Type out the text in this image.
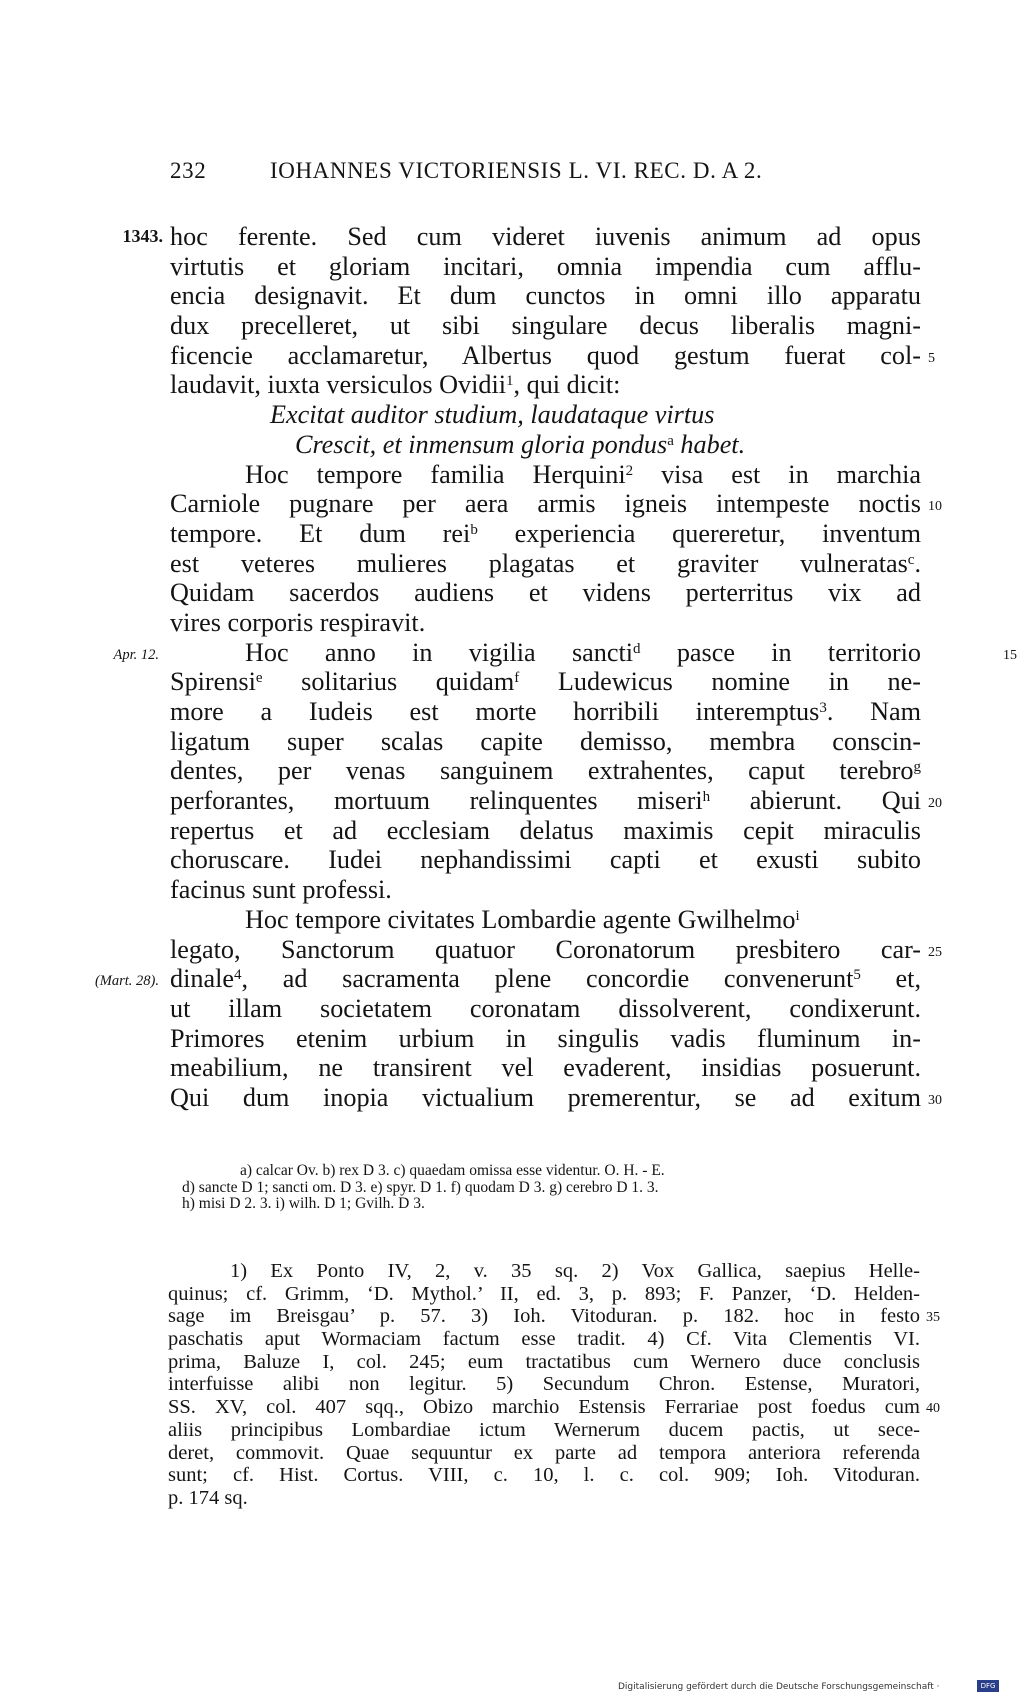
232	IOHANNES VICTORIENSIS L. VI. REC. D. A 2.
1343. hoc ferente. Sed cum videret iuvenis animum ad opus
virtutis et gloriam incitari, omnia impendia cum afflu-
encia designavit. Et dum cunctos in omni illo apparatu
dux precelleret, ut sibi singulare decus liberalis magni-
ficencie acclamaretur, Albertus quod gestum fuerat col- 5
laudavit, iuxta versiculos Ovidii$^1$, qui dicit:
Excitat auditor studium, laudataque virtus
Crescit, et inmensum gloria pondus$^a$ habet.
Hoc tempore familia Herquini$^2$ visa est in marchia
Carniole pugnare per aera armis igneis intempeste noctis 10
tempore. Et dum rei$^b$ experiencia quereretur, inventum
est veteres mulieres plagatas et graviter vulneratas$^c$.
Quidam sacerdos audiens et videns perterritus vix ad
vires corporis respiravit.
Apr. 12.	Hoc anno in vigilia sancti$^d$ pasce in territorio	15
Spirensi$^e$ solitarius quidam$^f$ Ludewicus nomine in ne-
more a Iudeis est morte horribili interemptus$^3$. Nam
ligatum super scalas capite demisso, membra conscin-
dentes, per venas sanguinem extrahentes, caput terebro$^g$
perforantes, mortuum relinquentes miseri$^h$ abierunt. Qui 20
repertus et ad ecclesiam delatus maximis cepit miraculis
choruscare. Iudei nephandissimi capti et exusti subito
facinus sunt professi.
Hoc tempore civitates Lombardie agente Gwilhelmo$^i$
legato, Sanctorum quatuor Coronatorum presbitero car- 25
(Mart. 28). dinale$^4$, ad sacramenta plene concordie convenerunt$^5$ et,
ut illam societatem coronatam dissolverent, condixerunt.
Primores etenim urbium in singulis vadis fluminum in-
meabilium, ne transirent vel evaderent, insidias posuerunt.
Qui dum inopia victualium premerentur, se ad exitum 30
a) calcar Ov. b) rex D 3. c) quaedam omissa esse videntur. O. H. - E.
d) sancte D 1; sancti om. D 3. e) spyr. D 1. f) quodam D 3. g) cerebro D 1. 3.
h) misi D 2. 3. i) wilh. D 1; Gvilh. D 3.
1) Ex Ponto IV, 2, v. 35 sq. 2) Vox Gallica, saepius Helle-
quinus; cf. Grimm, ‘D. Mythol.’ II, ed. 3, p. 893; F. Panzer, ‘D. Helden-
sage im Breisgau’ p. 57. 3) Ioh. Vitoduran. p. 182. hoc in festo 35
paschatis aput Wormaciam factum esse tradit. 4) Cf. Vita Clementis VI.
prima, Baluze I, col. 245; eum tractatibus cum Wernero duce conclusis
interfuisse alibi non legitur. 5) Secundum Chron. Estense, Muratori,
SS. XV, col. 407 sqq., Obizo marchio Estensis Ferrariae post foedus cum 40
aliis principibus Lombardiae ictum Wernerum ducem pactis, ut sece-
deret, commovit. Quae sequuntur ex parte ad tempora anteriora referenda
sunt; cf. Hist. Cortus. VIII, c. 10, l. c. col. 909; Ioh. Vitoduran.
p. 174 sq.
Digitalisierung gefördert durch die Deutsche Forschungsgemeinschaft ·	DFG
